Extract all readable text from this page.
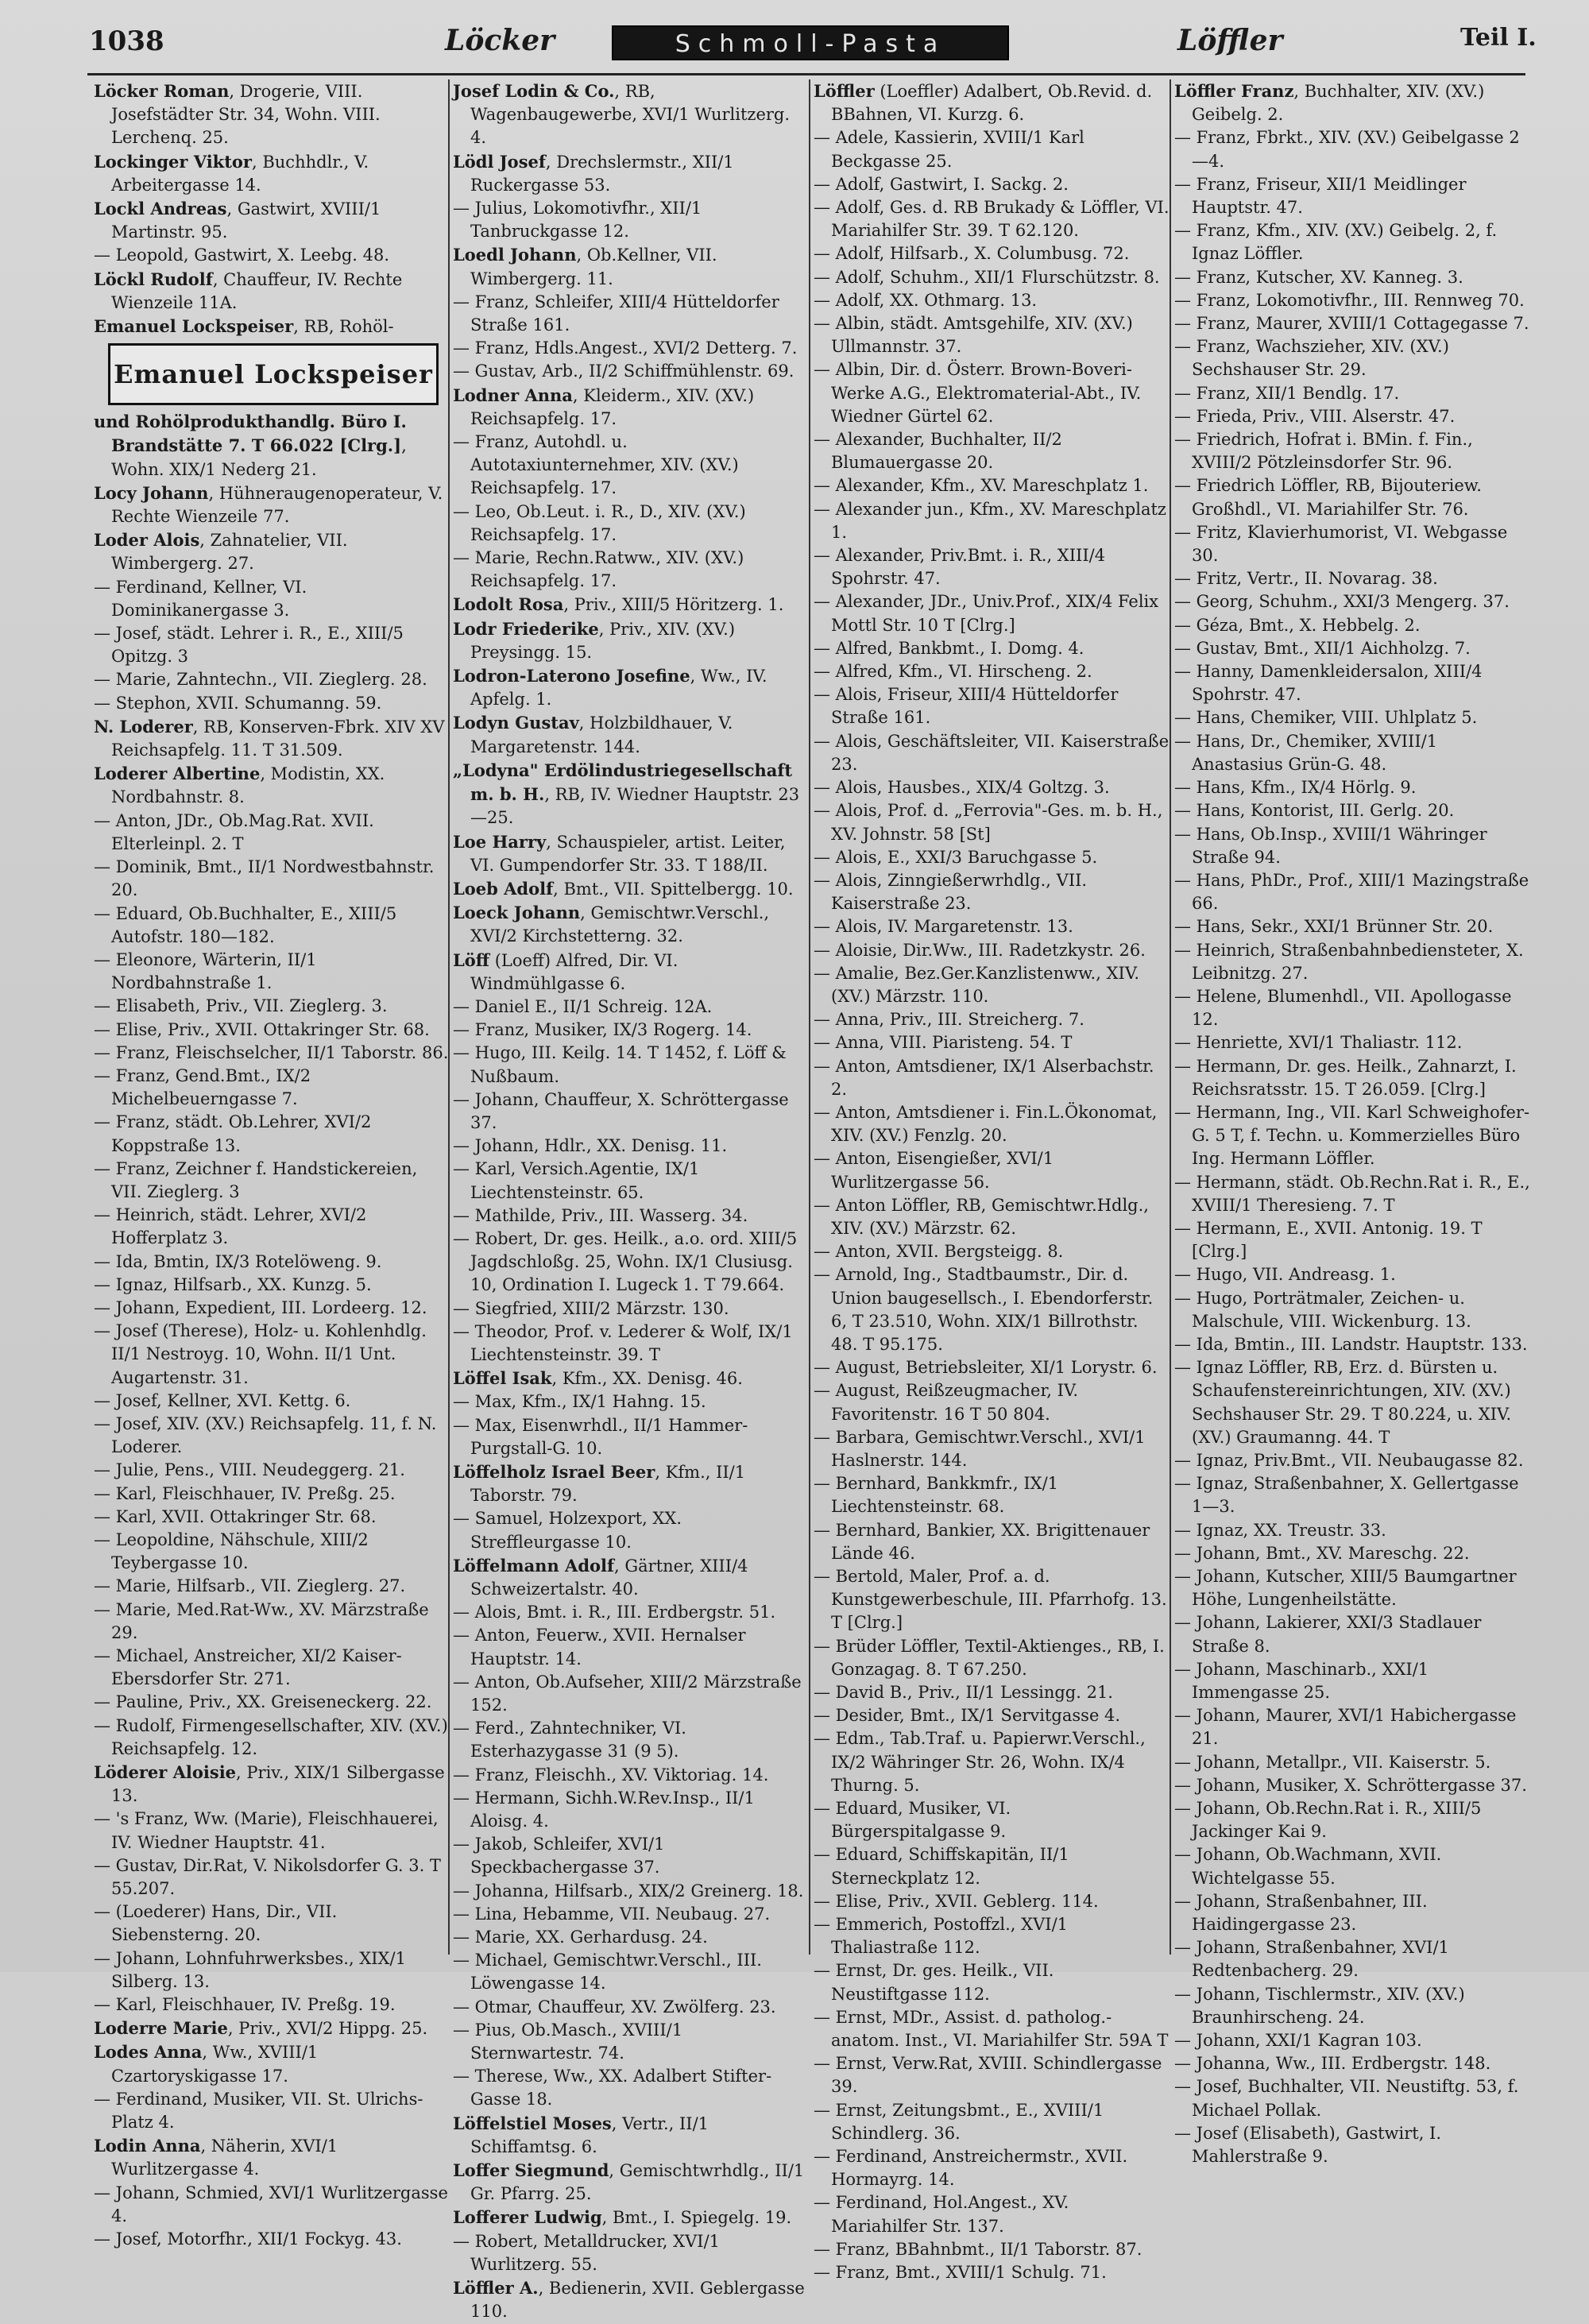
1038	Löcker	Schmoll-Pasta	Löffler	Teil I.
Löcker Roman, Drogerie, VIII. Josefstädter Str. 34, Wohn. VIII. Lerchenq. 25.
Lockinger Viktor, Buchhdlr., V. Arbeitergasse 14.
Lockl Andreas, Gastwirt, XVIII/1 Martinstr. 95.
— Leopold, Gastwirt, X. Leebg. 48.
Löckl Rudolf, Chauffeur, IV. Rechte Wienzeile 11A.
Emanuel Lockspeiser, RB, Rohöl-
Emanuel Lockspeiser
und Rohölprodukthandlg. Büro I. Brandstätte 7. T 66.022 [Clrg.], Wohn. XIX/1 Nederg 21.
Locy Johann, Hühneraugenoperateur, V. Rechte Wienzeile 77.
Loder Alois, Zahnatelier, VII. Wimbergerg. 27.
— Ferdinand, Kellner, VI. Dominikanergasse 3.
— Josef, städt. Lehrer i. R., E., XIII/5 Opitzg. 3
— Marie, Zahntechn., VII. Zieglerg. 28.
— Stephon, XVII. Schumanng. 59.
N. Loderer, RB, Konserven-Fbrk. XIV XV Reichsapfelg. 11. T 31.509.
Loderer Albertine, Modistin, XX. Nordbahnstr. 8.
— Anton, JDr., Ob.Mag.Rat. XVII. Elterleinpl. 2. T
— Dominik, Bmt., II/1 Nordwestbahnstr. 20.
— Eduard, Ob.Buchhalter, E., XIII/5 Autofstr. 180—182.
— Eleonore, Wärterin, II/1 Nordbahnstraße 1.
— Elisabeth, Priv., VII. Zieglerg. 3.
— Elise, Priv., XVII. Ottakringer Str. 68.
— Franz, Fleischselcher, II/1 Taborstr. 86.
— Franz, Gend.Bmt., IX/2 Michelbeuerngasse 7.
— Franz, städt. Ob.Lehrer, XVI/2 Koppstraße 13.
— Franz, Zeichner f. Handstickereien, VII. Zieglerg. 3
— Heinrich, städt. Lehrer, XVI/2 Hofferplatz 3.
— Ida, Bmtin, IX/3 Rotelöweng. 9.
— Ignaz, Hilfsarb., XX. Kunzg. 5.
— Johann, Expedient, III. Lordeerg. 12.
— Josef (Therese), Holz- u. Kohlenhdlg. II/1 Nestroyg. 10, Wohn. II/1 Unt. Augartenstr. 31.
— Josef, Kellner, XVI. Kettg. 6.
— Josef, XIV. (XV.) Reichsapfelg. 11, f. N. Loderer.
— Julie, Pens., VIII. Neudeggerg. 21.
— Karl, Fleischhauer, IV. Preßg. 25.
— Karl, XVII. Ottakringer Str. 68.
— Leopoldine, Nähschule, XIII/2 Teybergasse 10.
— Marie, Hilfsarb., VII. Zieglerg. 27.
— Marie, Med.Rat-Ww., XV. Märzstraße 29.
— Michael, Anstreicher, XI/2 Kaiser-Ebersdorfer Str. 271.
— Pauline, Priv., XX. Greiseneckerg. 22.
— Rudolf, Firmengesellschafter, XIV. (XV.) Reichsapfelg. 12.
Löderer Aloisie, Priv., XIX/1 Silbergasse 13.
— 's Franz, Ww. (Marie), Fleischhauerei, IV. Wiedner Hauptstr. 41.
— Gustav, Dir.Rat, V. Nikolsdorfer G. 3. T 55.207.
— (Loederer) Hans, Dir., VII. Siebensterng. 20.
— Johann, Lohnfuhrwerksbes., XIX/1 Silberg. 13.
— Karl, Fleischhauer, IV. Preßg. 19.
Loderre Marie, Priv., XVI/2 Hippg. 25.
Lodes Anna, Ww., XVIII/1 Czartoryskigasse 17.
— Ferdinand, Musiker, VII. St. Ulrichs-Platz 4.
Lodin Anna, Näherin, XVI/1 Wurlitzergasse 4.
— Johann, Schmied, XVI/1 Wurlitzergasse 4.
— Josef, Motorfhr., XII/1 Fockyg. 43.
Josef Lodin & Co., RB, Wagenbaugewerbe, XVI/1 Wurlitzerg. 4.
Lödl Josef, Drechslermstr., XII/1 Ruckergasse 53.
— Julius, Lokomotivfhr., XII/1 Tanbruckgasse 12.
Loedl Johann, Ob.Kellner, VII. Wimbergerg. 11.
— Franz, Schleifer, XIII/4 Hütteldorfer Straße 161.
— Franz, Hdls.Angest., XVI/2 Detterg. 7.
— Gustav, Arb., II/2 Schiffmühlenstr. 69.
Lodner Anna, Kleiderm., XIV. (XV.) Reichsapfelg. 17.
— Franz, Autohdl. u. Autotaxiunternehmer, XIV. (XV.) Reichsapfelg. 17.
— Leo, Ob.Leut. i. R., D., XIV. (XV.) Reichsapfelg. 17.
— Marie, Rechn.Ratww., XIV. (XV.) Reichsapfelg. 17.
Lodolt Rosa, Priv., XIII/5 Höritzerg. 1.
Lodr Friederike, Priv., XIV. (XV.) Preysingg. 15.
Lodron-Laterono Josefine, Ww., IV. Apfelg. 1.
Lodyn Gustav, Holzbildhauer, V. Margaretenstr. 144.
„Lodyna" Erdölindustriegesellschaft m. b. H., RB, IV. Wiedner Hauptstr. 23—25.
Loe Harry, Schauspieler, artist. Leiter, VI. Gumpendorfer Str. 33. T 188/II.
Loeb Adolf, Bmt., VII. Spittelbergg. 10.
Loeck Johann, Gemischtwr.Verschl., XVI/2 Kirchstetterng. 32.
Löff (Loeff) Alfred, Dir. VI. Windmühlgasse 6.
— Daniel E., II/1 Schreig. 12A.
— Franz, Musiker, IX/3 Rogerg. 14.
— Hugo, III. Keilg. 14. T 1452, f. Löff & Nußbaum.
— Johann, Chauffeur, X. Schröttergasse 37.
— Johann, Hdlr., XX. Denisg. 11.
— Karl, Versich.Agentie, IX/1 Liechtensteinstr. 65.
— Mathilde, Priv., III. Wasserg. 34.
— Robert, Dr. ges. Heilk., a.o. ord. XIII/5 Jagdschloßg. 25, Wohn. IX/1 Clusiusg. 10, Ordination I. Lugeck 1. T 79.664.
— Siegfried, XIII/2 Märzstr. 130.
— Theodor, Prof. v. Lederer & Wolf, IX/1 Liechtensteinstr. 39. T
Löffel Isak, Kfm., XX. Denisg. 46.
— Max, Kfm., IX/1 Hahng. 15.
— Max, Eisenwrhdl., II/1 Hammer-Purgstall-G. 10.
Löffelholz Israel Beer, Kfm., II/1 Taborstr. 79.
— Samuel, Holzexport, XX. Streffleurgasse 10.
Löffelmann Adolf, Gärtner, XIII/4 Schweizertalstr. 40.
— Alois, Bmt. i. R., III. Erdbergstr. 51.
— Anton, Feuerw., XVII. Hernalser Hauptstr. 14.
— Anton, Ob.Aufseher, XIII/2 Märzstraße 152.
— Ferd., Zahntechniker, VI. Esterhazygasse 31 (9 5).
— Franz, Fleischh., XV. Viktoriag. 14.
— Hermann, Sichh.W.Rev.Insp., II/1 Aloisg. 4.
— Jakob, Schleifer, XVI/1 Speckbachergasse 37.
— Johanna, Hilfsarb., XIX/2 Greinerg. 18.
— Lina, Hebamme, VII. Neubaug. 27.
— Marie, XX. Gerhardusg. 24.
— Michael, Gemischtwr.Verschl., III. Löwengasse 14.
— Otmar, Chauffeur, XV. Zwölferg. 23.
— Pius, Ob.Masch., XVIII/1 Sternwartestr. 74.
— Therese, Ww., XX. Adalbert Stifter-Gasse 18.
Löffelstiel Moses, Vertr., II/1 Schiffamtsg. 6.
Loffer Siegmund, Gemischtwrhdlg., II/1 Gr. Pfarrg. 25.
Lofferer Ludwig, Bmt., I. Spiegelg. 19.
— Robert, Metalldrucker, XVI/1 Wurlitzerg. 55.
Löffler A., Bedienerin, XVII. Geblergasse 110.
Löffler (Loeffler) Adalbert, Ob.Revid. d. BBahnen, VI. Kurzg. 6.
— Adele, Kassierin, XVIII/1 Karl Beckgasse 25.
— Adolf, Gastwirt, I. Sackg. 2.
— Adolf, Ges. d. RB Brukady & Löffler, VI. Mariahilfer Str. 39. T 62.120.
— Adolf, Hilfsarb., X. Columbusg. 72.
— Adolf, Schuhm., XII/1 Flurschützstr. 8.
— Adolf, XX. Othmarg. 13.
— Albin, städt. Amtsgehilfe, XIV. (XV.) Ullmannstr. 37.
— Albin, Dir. d. Österr. Brown-Boveri-Werke A.G., Elektromaterial-Abt., IV. Wiedner Gürtel 62.
— Alexander, Buchhalter, II/2 Blumauergasse 20.
— Alexander, Kfm., XV. Mareschplatz 1.
— Alexander jun., Kfm., XV. Mareschplatz 1.
— Alexander, Priv.Bmt. i. R., XIII/4 Spohrstr. 47.
— Alexander, JDr., Univ.Prof., XIX/4 Felix Mottl Str. 10 T [Clrg.]
— Alfred, Bankbmt., I. Domg. 4.
— Alfred, Kfm., VI. Hirscheng. 2.
— Alois, Friseur, XIII/4 Hütteldorfer Straße 161.
— Alois, Geschäftsleiter, VII. Kaiserstraße 23.
— Alois, Hausbes., XIX/4 Goltzg. 3.
— Alois, Prof. d. „Ferrovia"-Ges. m. b. H., XV. Johnstr. 58 [St]
— Alois, E., XXI/3 Baruchgasse 5.
— Alois, Zinngießerwrhdlg., VII. Kaiserstraße 23.
— Alois, IV. Margaretenstr. 13.
— Aloisie, Dir.Ww., III. Radetzkystr. 26.
— Amalie, Bez.Ger.Kanzlistenww., XIV. (XV.) Märzstr. 110.
— Anna, Priv., III. Streicherg. 7.
— Anna, VIII. Piaristeng. 54. T
— Anton, Amtsdiener, IX/1 Alserbachstr. 2.
— Anton, Amtsdiener i. Fin.L.Ökonomat, XIV. (XV.) Fenzlg. 20.
— Anton, Eisengießer, XVI/1 Wurlitzergasse 56.
— Anton Löffler, RB, Gemischtwr.Hdlg., XIV. (XV.) Märzstr. 62.
— Anton, XVII. Bergsteigg. 8.
— Arnold, Ing., Stadtbaumstr., Dir. d. Union baugesellsch., I. Ebendorferstr. 6, T 23.510, Wohn. XIX/1 Billrothstr. 48. T 95.175.
— August, Betriebsleiter, XI/1 Lorystr. 6.
— August, Reißzeugmacher, IV. Favoritenstr. 16 T 50 804.
— Barbara, Gemischtwr.Verschl., XVI/1 Haslnerstr. 144.
— Bernhard, Bankkmfr., IX/1 Liechtensteinstr. 68.
— Bernhard, Bankier, XX. Brigittenauer Lände 46.
— Bertold, Maler, Prof. a. d. Kunstgewerbeschule, III. Pfarrhofg. 13. T [Clrg.]
— Brüder Löffler, Textil-Aktienges., RB, I. Gonzagag. 8. T 67.250.
— David B., Priv., II/1 Lessingg. 21.
— Desider, Bmt., IX/1 Servitgasse 4.
— Edm., Tab.Traf. u. Papierwr.Verschl., IX/2 Währinger Str. 26, Wohn. IX/4 Thurng. 5.
— Eduard, Musiker, VI. Bürgerspitalgasse 9.
— Eduard, Schiffskapitän, II/1 Sterneckplatz 12.
— Elise, Priv., XVII. Geblerg. 114.
— Emmerich, Postoffzl., XVI/1 Thaliastraße 112.
— Ernst, Dr. ges. Heilk., VII. Neustiftgasse 112.
— Ernst, MDr., Assist. d. patholog.-anatom. Inst., VI. Mariahilfer Str. 59A T
— Ernst, Verw.Rat, XVIII. Schindlergasse 39.
— Ernst, Zeitungsbmt., E., XVIII/1 Schindlerg. 36.
— Ferdinand, Anstreichermstr., XVII. Hormayrg. 14.
— Ferdinand, Hol.Angest., XV. Mariahilfer Str. 137.
— Franz, BBahnbmt., II/1 Taborstr. 87.
— Franz, Bmt., XVIII/1 Schulg. 71.
Löffler Franz, Buchhalter, XIV. (XV.) Geibelg. 2.
— Franz, Fbrkt., XIV. (XV.) Geibelgasse 2—4.
— Franz, Friseur, XII/1 Meidlinger Hauptstr. 47.
— Franz, Kfm., XIV. (XV.) Geibelg. 2, f. Ignaz Löffler.
— Franz, Kutscher, XV. Kanneg. 3.
— Franz, Lokomotivfhr., III. Rennweg 70.
— Franz, Maurer, XVIII/1 Cottagegasse 7.
— Franz, Wachszieher, XIV. (XV.) Sechshauser Str. 29.
— Franz, XII/1 Bendlg. 17.
— Frieda, Priv., VIII. Alserstr. 47.
— Friedrich, Hofrat i. BMin. f. Fin., XVIII/2 Pötzleinsdorfer Str. 96.
— Friedrich Löffler, RB, Bijouteriew. Großhdl., VI. Mariahilfer Str. 76.
— Fritz, Klavierhumorist, VI. Webgasse 30.
— Fritz, Vertr., II. Novarag. 38.
— Georg, Schuhm., XXI/3 Mengerg. 37.
— Géza, Bmt., X. Hebbelg. 2.
— Gustav, Bmt., XII/1 Aichholzg. 7.
— Hanny, Damenkleidersalon, XIII/4 Spohrstr. 47.
— Hans, Chemiker, VIII. Uhlplatz 5.
— Hans, Dr., Chemiker, XVIII/1 Anastasius Grün-G. 48.
— Hans, Kfm., IX/4 Hörlg. 9.
— Hans, Kontorist, III. Gerlg. 20.
— Hans, Ob.Insp., XVIII/1 Währinger Straße 94.
— Hans, PhDr., Prof., XIII/1 Mazingstraße 66.
— Hans, Sekr., XXI/1 Brünner Str. 20.
— Heinrich, Straßenbahnbediensteter, X. Leibnitzg. 27.
— Helene, Blumenhdl., VII. Apollogasse 12.
— Henriette, XVI/1 Thaliastr. 112.
— Hermann, Dr. ges. Heilk., Zahnarzt, I. Reichsratsstr. 15. T 26.059. [Clrg.]
— Hermann, Ing., VII. Karl Schweighofer-G. 5 T, f. Techn. u. Kommerzielles Büro Ing. Hermann Löffler.
— Hermann, städt. Ob.Rechn.Rat i. R., E., XVIII/1 Theresieng. 7. T
— Hermann, E., XVII. Antonig. 19. T [Clrg.]
— Hugo, VII. Andreasg. 1.
— Hugo, Porträtmaler, Zeichen- u. Malschule, VIII. Wickenburg. 13.
— Ida, Bmtin., III. Landstr. Hauptstr. 133.
— Ignaz Löffler, RB, Erz. d. Bürsten u. Schaufenstereinrichtungen, XIV. (XV.) Sechshauser Str. 29. T 80.224, u. XIV. (XV.) Graumanng. 44. T
— Ignaz, Priv.Bmt., VII. Neubaugasse 82.
— Ignaz, Straßenbahner, X. Gellertgasse 1—3.
— Ignaz, XX. Treustr. 33.
— Johann, Bmt., XV. Mareschg. 22.
— Johann, Kutscher, XIII/5 Baumgartner Höhe, Lungenheilstätte.
— Johann, Lakierer, XXI/3 Stadlauer Straße 8.
— Johann, Maschinarb., XXI/1 Immengasse 25.
— Johann, Maurer, XVI/1 Habichergasse 21.
— Johann, Metallpr., VII. Kaiserstr. 5.
— Johann, Musiker, X. Schröttergasse 37.
— Johann, Ob.Rechn.Rat i. R., XIII/5 Jackinger Kai 9.
— Johann, Ob.Wachmann, XVII. Wichtelgasse 55.
— Johann, Straßenbahner, III. Haidingergasse 23.
— Johann, Straßenbahner, XVI/1 Redtenbacherg. 29.
— Johann, Tischlermstr., XIV. (XV.) Braunhirscheng. 24.
— Johann, XXI/1 Kagran 103.
— Johanna, Ww., III. Erdbergstr. 148.
— Josef, Buchhalter, VII. Neustiftg. 53, f. Michael Pollak.
— Josef (Elisabeth), Gastwirt, I. Mahlerstraße 9.
